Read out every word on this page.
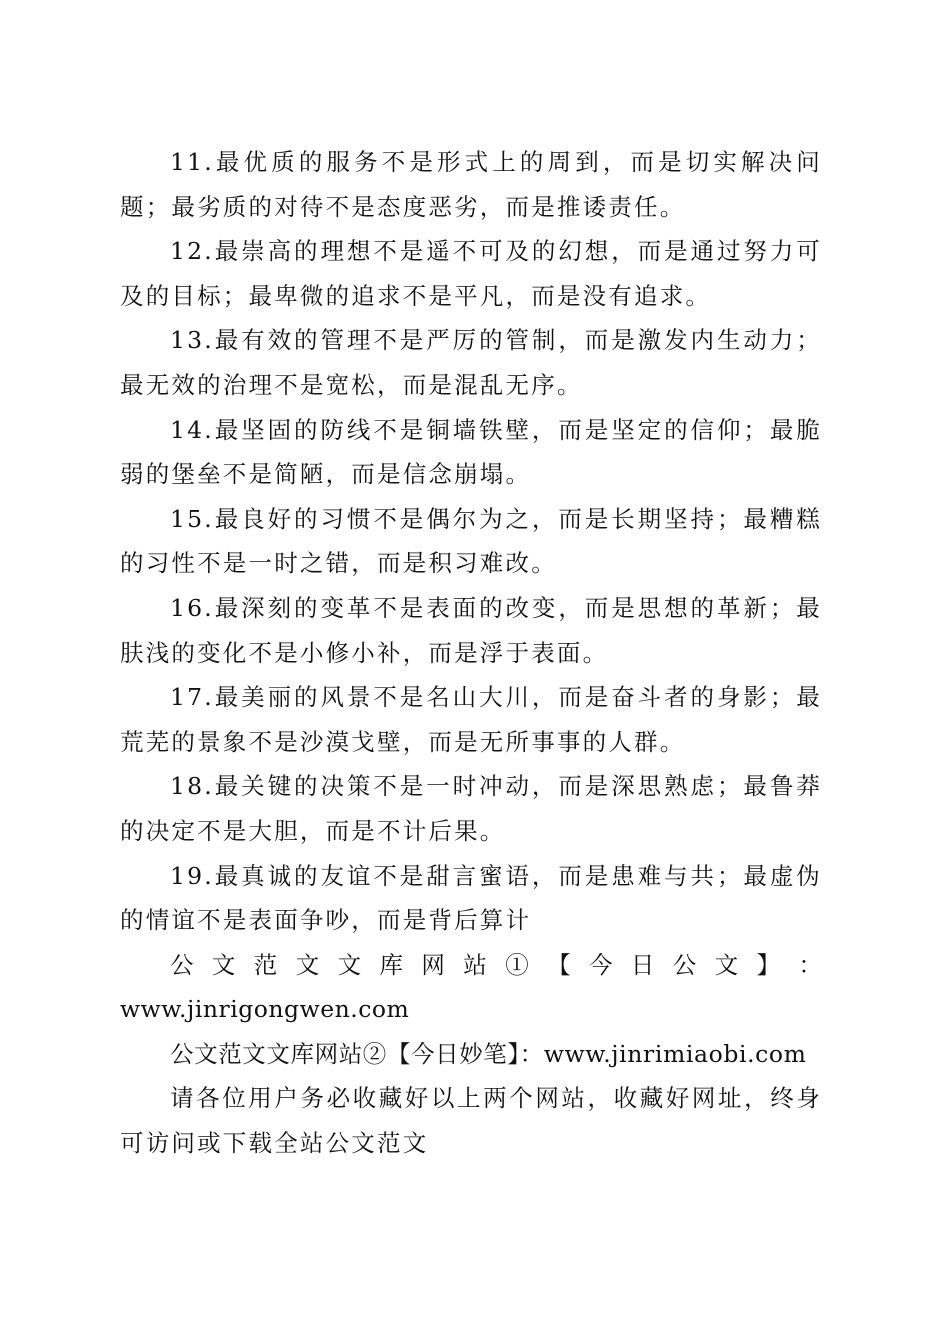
11.最优质的服务不是形式上的周到，而是切实解决问题；最劣质的对待不是态度恶劣，而是推诿责任。

12.最崇高的理想不是遥不可及的幻想，而是通过努力可及的目标；最卑微的追求不是平凡，而是没有追求。

13.最有效的管理不是严厉的管制，而是激发内生动力；最无效的治理不是宽松，而是混乱无序。

14.最坚固的防线不是铜墙铁壁，而是坚定的信仰；最脆弱的堡垒不是简陋，而是信念崩塌。

15.最良好的习惯不是偶尔为之，而是长期坚持；最糟糕的习性不是一时之错，而是积习难改。

16.最深刻的变革不是表面的改变，而是思想的革新；最肤浅的变化不是小修小补，而是浮于表面。

17.最美丽的风景不是名山大川，而是奋斗者的身影；最荒芜的景象不是沙漠戈壁，而是无所事事的人群。

18.最关键的决策不是一时冲动，而是深思熟虑；最鲁莽的决定不是大胆，而是不计后果。

19.最真诚的友谊不是甜言蜜语，而是患难与共；最虚伪的情谊不是表面争吵，而是背后算计

公 文 范 文 文 库 网 站 ① 【 今 日 公 文 】 ：

www.jinrigongwen.com

公文范文文库网站②【今日妙笔】：www.jinrimiaobi.com

请各位用户务必收藏好以上两个网站，收藏好网址，终身可访问或下载全站公文范文
